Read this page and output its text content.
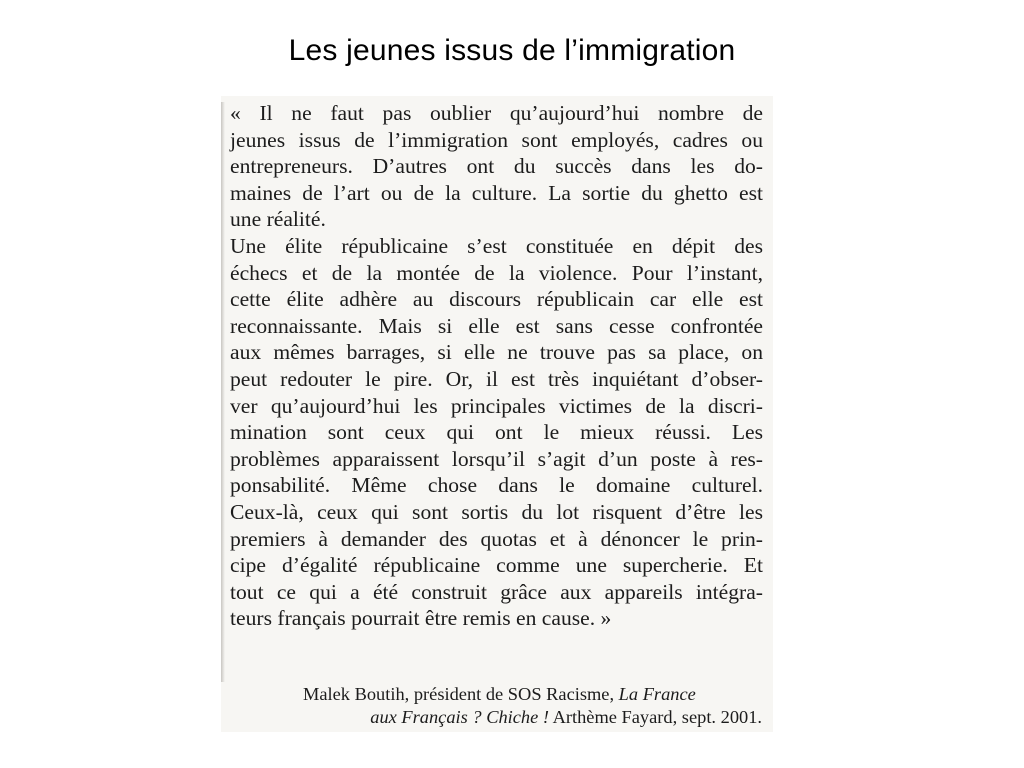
Les jeunes issus de l’immigration
« Il ne faut pas oublier qu’aujourd’hui nombre de
jeunes issus de l’immigration sont employés, cadres ou
entrepreneurs. D’autres ont du succès dans les do-
maines de l’art ou de la culture. La sortie du ghetto est
une réalité.
Une élite républicaine s’est constituée en dépit des
échecs et de la montée de la violence. Pour l’instant,
cette élite adhère au discours républicain car elle est
reconnaissante. Mais si elle est sans cesse confrontée
aux mêmes barrages, si elle ne trouve pas sa place, on
peut redouter le pire. Or, il est très inquiétant d’obser-
ver qu’aujourd’hui les principales victimes de la discri-
mination sont ceux qui ont le mieux réussi. Les
problèmes apparaissent lorsqu’il s’agit d’un poste à res-
ponsabilité. Même chose dans le domaine culturel.
Ceux-là, ceux qui sont sortis du lot risquent d’être les
premiers à demander des quotas et à dénoncer le prin-
cipe d’égalité républicaine comme une supercherie. Et
tout ce qui a été construit grâce aux appareils intégra-
teurs français pourrait être remis en cause. »
Malek Boutih, président de SOS Racisme, La France
aux Français ? Chiche ! Arthème Fayard, sept. 2001.
